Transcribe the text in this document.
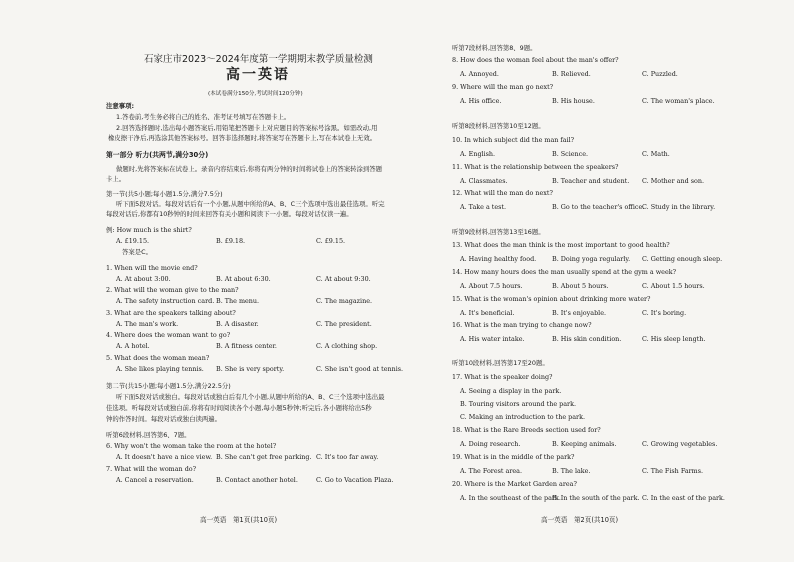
石家庄市2023～2024年度第一学期期末教学质量检测
高一英语
(本试卷满分150分,考试时间120分钟)
注意事项:
1.答卷前,考生务必将自己的姓名、准考证号填写在答题卡上。
2.回答选择题时,选出每小题答案后,用铅笔把答题卡上对应题目的答案标号涂黑。如需改动,用
橡皮擦干净后,再选涂其他答案标号。回答非选择题时,将答案写在答题卡上,写在本试卷上无效。
第一部分 听力(共两节,满分30分)
做题时,先将答案标在试卷上。录音内容结束后,你将有两分钟的时间将试卷上的答案转涂到答题
卡上。
第一节(共5小题;每小题1.5分,满分7.5分)
听下面5段对话。每段对话后有一个小题,从题中所给的A、B、C三个选项中选出最佳选项。听完
每段对话后,你都有10秒钟的时间来回答有关小题和阅读下一小题。每段对话仅读一遍。
例: How much is the shirt?
A. £19.15.	B. £9.18.	C. £9.15.
答案是C。
1. When will the movie end?
A. At about 3:00.	B. At about 6:30.	C. At about 9:30.
2. What will the woman give to the man?
A. The safety instruction card. B. The menu.	C. The magazine.
3. What are the speakers talking about?
A. The man's work.	B. A disaster.	C. The president.
4. Where does the woman want to go?
A. A hotel.	B. A fitness center.	C. A clothing shop.
5. What does the woman mean?
A. She likes playing tennis. B. She is very sporty.	C. She isn't good at tennis.
第二节(共15小题;每小题1.5分,满分22.5分)
听下面5段对话或独白。每段对话或独白后有几个小题,从题中所给的A、B、C三个选项中选出最
佳选项。听每段对话或独白前,你将有时间阅读各个小题,每小题5秒钟;听完后,各小题将给出5秒
钟的作答时间。每段对话或独白读两遍。
听第6段材料,回答第6、7题。
6. Why won't the woman take the room at the hotel?
A. It doesn't have a nice view. B. She can't get free parking. C. It's too far away.
7. What will the woman do?
A. Cancel a reservation.	B. Contact another hotel.	C. Go to Vacation Plaza.
高一英语　第1页(共10页)
听第7段材料,回答第8、9题。
8. How does the woman feel about the man's offer?
A. Annoyed.	B. Relieved.	C. Puzzled.
9. Where will the man go next?
A. His office.	B. His house.	C. The woman's place.
听第8段材料,回答第10至12题。
10. In which subject did the man fail?
A. English.	B. Science.	C. Math.
11. What is the relationship between the speakers?
A. Classmates.	B. Teacher and student. C. Mother and son.
12. What will the man do next?
A. Take a test.	B. Go to the teacher's office.
C. Study in the library.
听第9段材料,回答第13至16题。
13. What does the man think is the most important to good health?
A. Having healthy food. B. Doing yoga regularly. C. Getting enough sleep.
14. How many hours does the man usually spend at the gym a week?
A. About 7.5 hours.	B. About 5 hours.	C. About 1.5 hours.
15. What is the woman's opinion about drinking more water?
A. It's beneficial.	B. It's enjoyable.	C. It's boring.
16. What is the man trying to change now?
A. His water intake.	B. His skin condition.	C. His sleep length.
听第10段材料,回答第17至20题。
17. What is the speaker doing?
A. Seeing a display in the park.
B. Touring visitors around the park.
C. Making an introduction to the park.
18. What is the Rare Breeds section used for?
A. Doing research.	B. Keeping animals.	C. Growing vegetables.
19. What is in the middle of the park?
A. The Forest area.	B. The lake.	C. The Fish Farms.
20. Where is the Market Garden area?
A. In the southeast of the park.
B. In the south of the park. C. In the east of the park.
高一英语　第2页(共10页)
